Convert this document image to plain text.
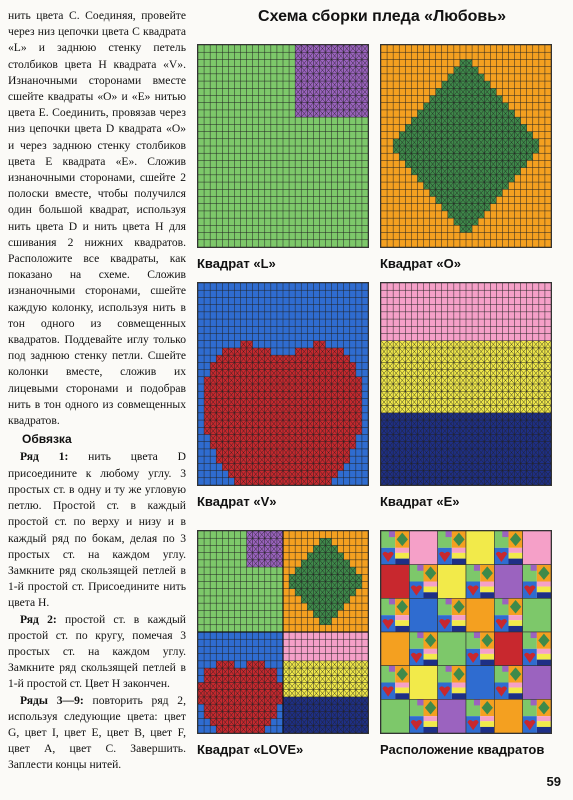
нить цвета С. Соединяя, провейте через низ цепочки цвета С квадрата «L» и заднюю стенку петель столбиков цвета Н квадрата «V». Изнаночными сторонами вместе сшейте квадраты «О» и «Е» нитью цвета Е. Соединить, провязав через низ цепочки цвета D квадрата «О» и через заднюю стенку столбиков цвета Е квадрата «Е». Сложив изнаночными сторонами, сшейте 2 полоски вместе, чтобы получился один большой квадрат, используя нить цвета D и нить цвета Н для сшивания 2 нижних квадратов. Расположите все квадраты, как показано на схеме. Сложив изнаночными сторонами, сшейте каждую колонку, используя нить в тон одного из совмещенных квадратов. Поддевайте иглу только под заднюю стенку петли. Сшейте колонки вместе, сложив их лицевыми сторонами и подобрав нить в тон одного из совмещенных квадратов.

Обвязка

Ряд 1: нить цвета D присоедините к любому углу. 3 простых ст. в одну и ту же угловую петлю. Простой ст. в каждый простой ст. по верху и низу и в каждый ряд по бокам, делая по 3 простых ст. на каждом углу. Замкните ряд скользящей петлей в 1-й простой ст. Присоедините нить цвета Н.

Ряд 2: простой ст. в каждый простой ст. по кругу, помечая 3 простых ст. на каждом углу. Замкните ряд скользящей петлей в 1-й простой ст. Цвет Н закончен.

Ряды 3—9: повторить ряд 2, используя следующие цвета: цвет G, цвет I, цвет E, цвет В, цвет F, цвет A, цвет С. Завершить. Заплести концы нитей.

Схема сборки пледа «Любовь»
Квадрат «L»	Квадрат «О»
Квадрат «V»	Квадрат «Е»
Квадрат «LOVE»	Расположение квадратов
59
